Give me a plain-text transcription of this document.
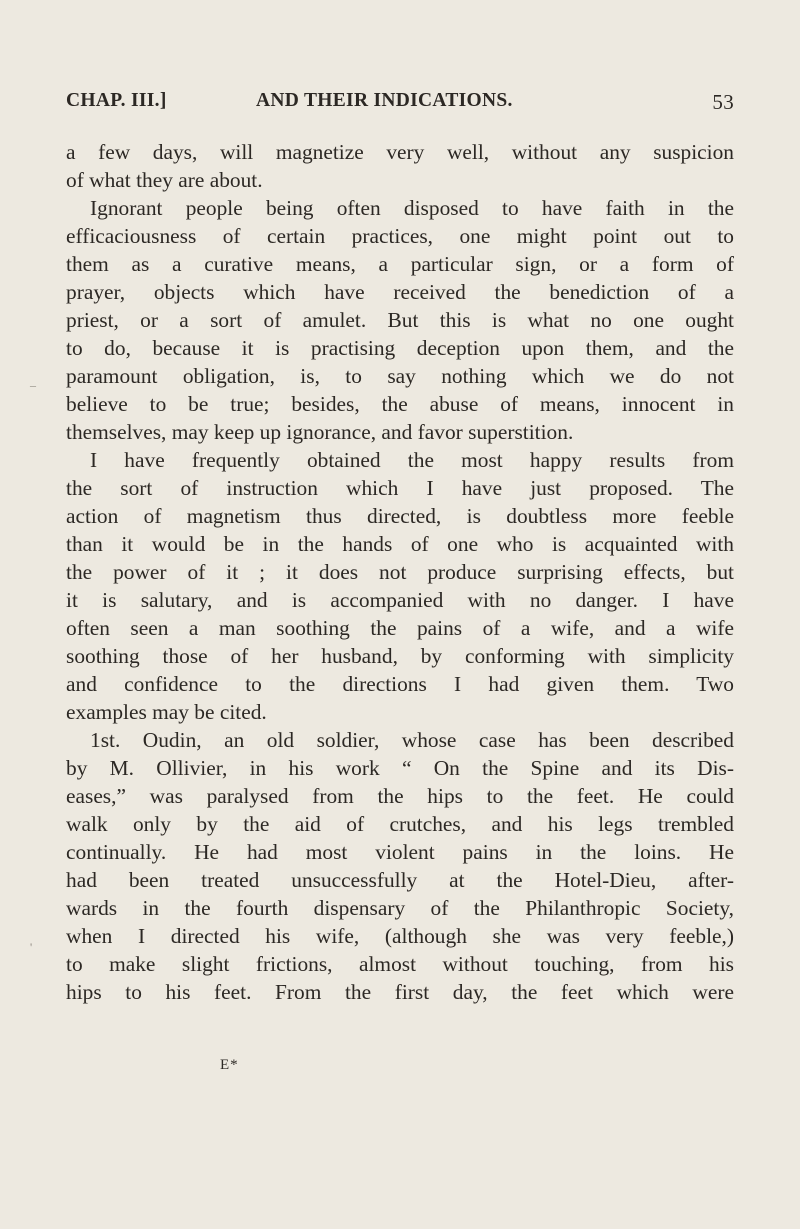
CHAP. III.]	AND THEIR INDICATIONS.	53
a few days, will magnetize very well, without any suspicion
of what they are about.
Ignorant people being often disposed to have faith in the
efficaciousness of certain practices, one might point out to
them as a curative means, a particular sign, or a form of
prayer, objects which have received the benediction of a
priest, or a sort of amulet. But this is what no one ought
to do, because it is practising deception upon them, and the
paramount obligation, is, to say nothing which we do not
believe to be true; besides, the abuse of means, innocent in
themselves, may keep up ignorance, and favor superstition.
I have frequently obtained the most happy results from
the sort of instruction which I have just proposed. The
action of magnetism thus directed, is doubtless more feeble
than it would be in the hands of one who is acquainted with
the power of it ; it does not produce surprising effects, but
it is salutary, and is accompanied with no danger. I have
often seen a man soothing the pains of a wife, and a wife
soothing those of her husband, by conforming with simplicity
and confidence to the directions I had given them. Two
examples may be cited.
1st. Oudin, an old soldier, whose case has been described
by M. Ollivier, in his work “ On the Spine and its Dis-
eases,” was paralysed from the hips to the feet. He could
walk only by the aid of crutches, and his legs trembled
continually. He had most violent pains in the loins. He
had been treated unsuccessfully at the Hotel-Dieu, after-
wards in the fourth dispensary of the Philanthropic Society,
when I directed his wife, (although she was very feeble,)
to make slight frictions, almost without touching, from his
hips to his feet. From the first day, the feet which were
E*
–
'
